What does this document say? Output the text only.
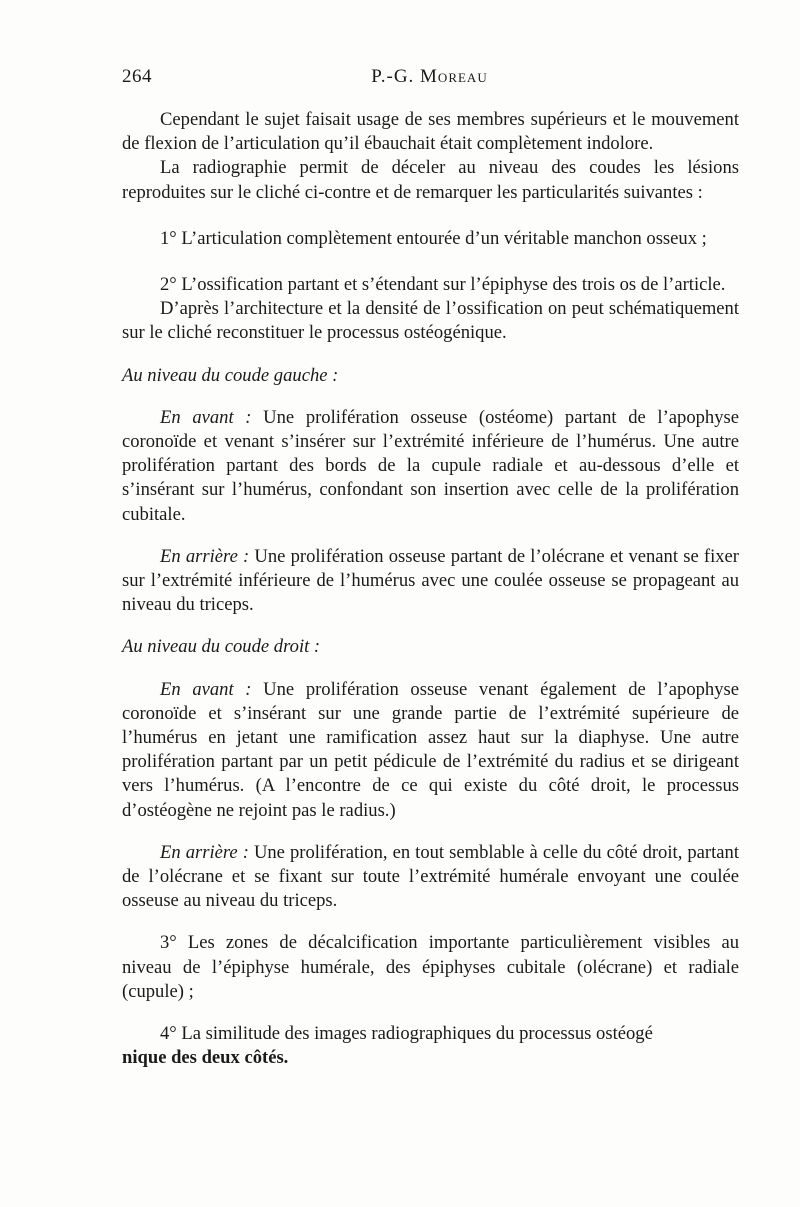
264	P.-G. Moreau

Cependant le sujet faisait usage de ses membres supérieurs et le mouvement de flexion de l’articulation qu’il ébauchait était complètement indolore.

La radiographie permit de déceler au niveau des coudes les lésions reproduites sur le cliché ci-contre et de remarquer les particularités suivantes :

1° L’articulation complètement entourée d’un véritable manchon osseux ;

2° L’ossification partant et s’étendant sur l’épiphyse des trois os de l’article.

D’après l’architecture et la densité de l’ossification on peut schématiquement sur le cliché reconstituer le processus ostéogénique.

Au niveau du coude gauche :

En avant : Une prolifération osseuse (ostéome) partant de l’apophyse coronoïde et venant s’insérer sur l’extrémité inférieure de l’humérus. Une autre prolifération partant des bords de la cupule radiale et au-dessous d’elle et s’insérant sur l’humérus, confondant son insertion avec celle de la prolifération cubitale.

En arrière : Une prolifération osseuse partant de l’olécrane et venant se fixer sur l’extrémité inférieure de l’humérus avec une coulée osseuse se propageant au niveau du triceps.

Au niveau du coude droit :

En avant : Une prolifération osseuse venant également de l’apophyse coronoïde et s’insérant sur une grande partie de l’extrémité supérieure de l’humérus en jetant une ramification assez haut sur la diaphyse. Une autre prolifération partant par un petit pédicule de l’extrémité du radius et se dirigeant vers l’humérus. (A l’encontre de ce qui existe du côté droit, le processus d’ostéogène ne rejoint pas le radius.)

En arrière : Une prolifération, en tout semblable à celle du côté droit, partant de l’olécrane et se fixant sur toute l’extrémité humérale envoyant une coulée osseuse au niveau du triceps.

3° Les zones de décalcification importante particulièrement visibles au niveau de l’épiphyse humérale, des épiphyses cubitale (olécrane) et radiale (cupule) ;

4° La similitude des images radiographiques du processus ostéogé
nique des deux côtés.
